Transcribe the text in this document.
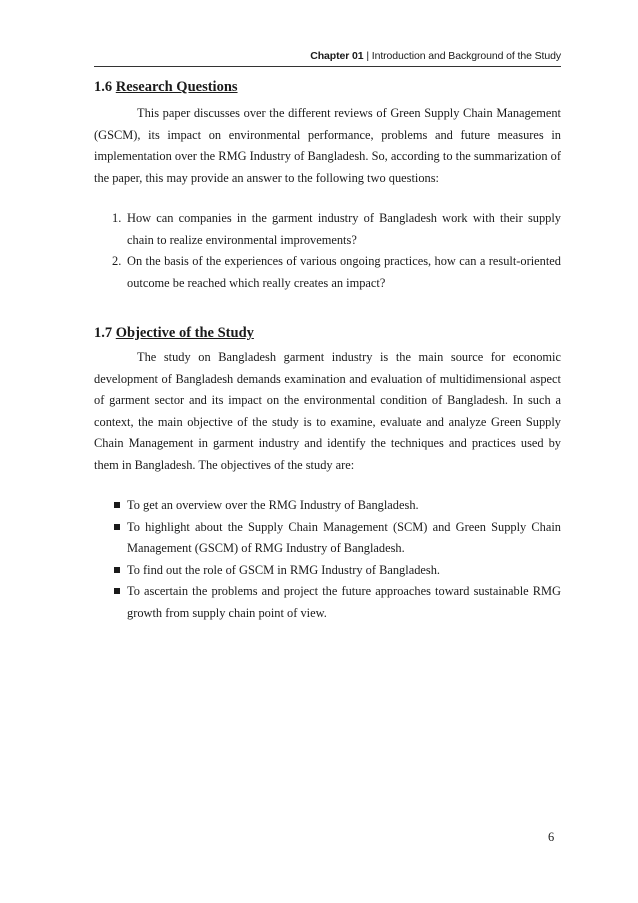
Chapter 01 | Introduction and Background of the Study
1.6 Research Questions

This paper discusses over the different reviews of Green Supply Chain Management (GSCM), its impact on environmental performance, problems and future measures in implementation over the RMG Industry of Bangladesh. So, according to the summarization of the paper, this may provide an answer to the following two questions:

1. How can companies in the garment industry of Bangladesh work with their supply chain to realize environmental improvements?
2. On the basis of the experiences of various ongoing practices, how can a result-oriented outcome be reached which really creates an impact?
1.7 Objective of the Study

The study on Bangladesh garment industry is the main source for economic development of Bangladesh demands examination and evaluation of multidimensional aspect of garment sector and its impact on the environmental condition of Bangladesh. In such a context, the main objective of the study is to examine, evaluate and analyze Green Supply Chain Management in garment industry and identify the techniques and practices used by them in Bangladesh. The objectives of the study are:

To get an overview over the RMG Industry of Bangladesh.
To highlight about the Supply Chain Management (SCM) and Green Supply Chain Management (GSCM) of RMG Industry of Bangladesh.
To find out the role of GSCM in RMG Industry of Bangladesh.
To ascertain the problems and project the future approaches toward sustainable RMG growth from supply chain point of view.
6
